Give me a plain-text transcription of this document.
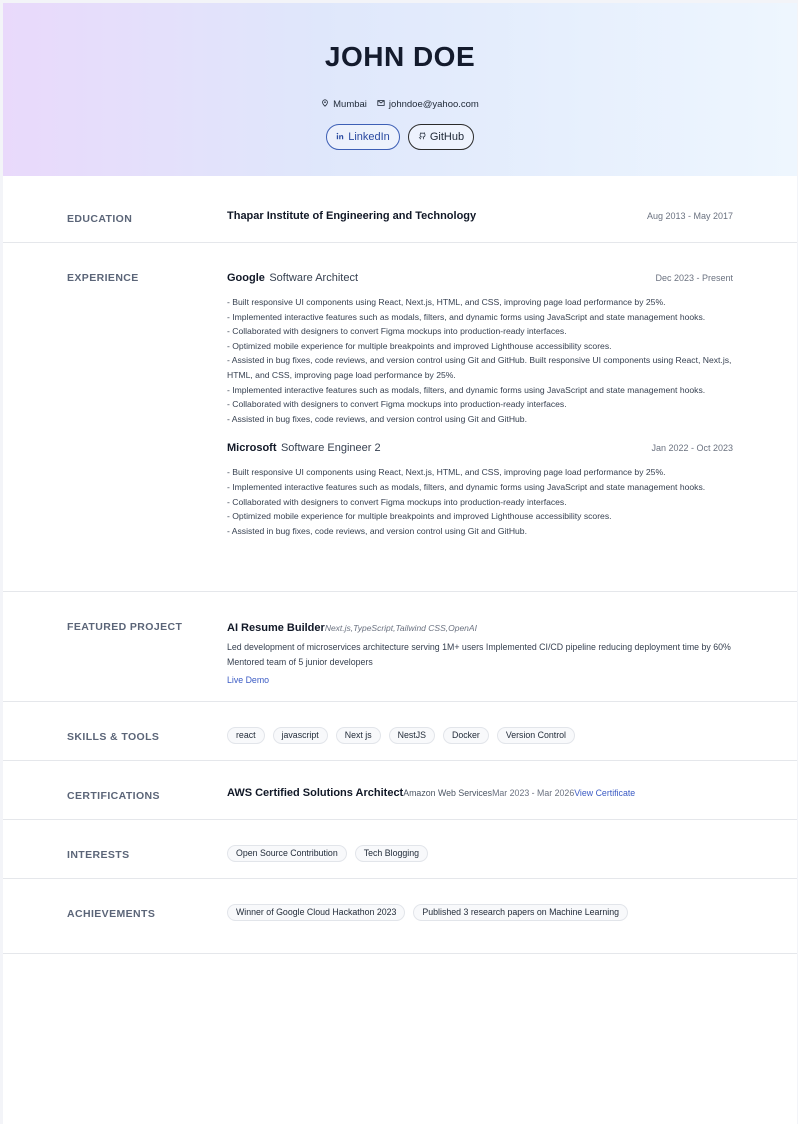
JOHN DOE
Mumbai johndoe@yahoo.com
LinkedIn	GitHub
EDUCATION	Thapar Institute of Engineering and Technology	Aug 2013 - May 2017
EXPERIENCE	Google Software Architect	Dec 2023 - Present
- Built responsive UI components using React, Next.js, HTML, and CSS, improving page load performance by 25%.
- Implemented interactive features such as modals, filters, and dynamic forms using JavaScript and state management hooks.
- Collaborated with designers to convert Figma mockups into production-ready interfaces.
- Optimized mobile experience for multiple breakpoints and improved Lighthouse accessibility scores.
- Assisted in bug fixes, code reviews, and version control using Git and GitHub. Built responsive UI components using React, Next.js, HTML, and CSS, improving page load performance by 25%.
- Implemented interactive features such as modals, filters, and dynamic forms using JavaScript and state management hooks.
- Collaborated with designers to convert Figma mockups into production-ready interfaces.
- Assisted in bug fixes, code reviews, and version control using Git and GitHub.
Microsoft Software Engineer 2	Jan 2022 - Oct 2023
- Built responsive UI components using React, Next.js, HTML, and CSS, improving page load performance by 25%.
- Implemented interactive features such as modals, filters, and dynamic forms using JavaScript and state management hooks.
- Collaborated with designers to convert Figma mockups into production-ready interfaces.
- Optimized mobile experience for multiple breakpoints and improved Lighthouse accessibility scores.
- Assisted in bug fixes, code reviews, and version control using Git and GitHub.
FEATURED PROJECT	AI Resume BuilderNext.js,TypeScript,Tailwind CSS,OpenAI
Led development of microservices architecture serving 1M+ users Implemented CI/CD pipeline reducing deployment time by 60% Mentored team of 5 junior developers
Live Demo
SKILLS & TOOLS	react	javascript	Next js	NestJS	Docker	Version Control
CERTIFICATIONS	AWS Certified Solutions Architect Amazon Web Services Mar 2023 - Mar 2026 View Certificate
INTERESTS	Open Source Contribution	Tech Blogging
ACHIEVEMENTS	Winner of Google Cloud Hackathon 2023	Published 3 research papers on Machine Learning
